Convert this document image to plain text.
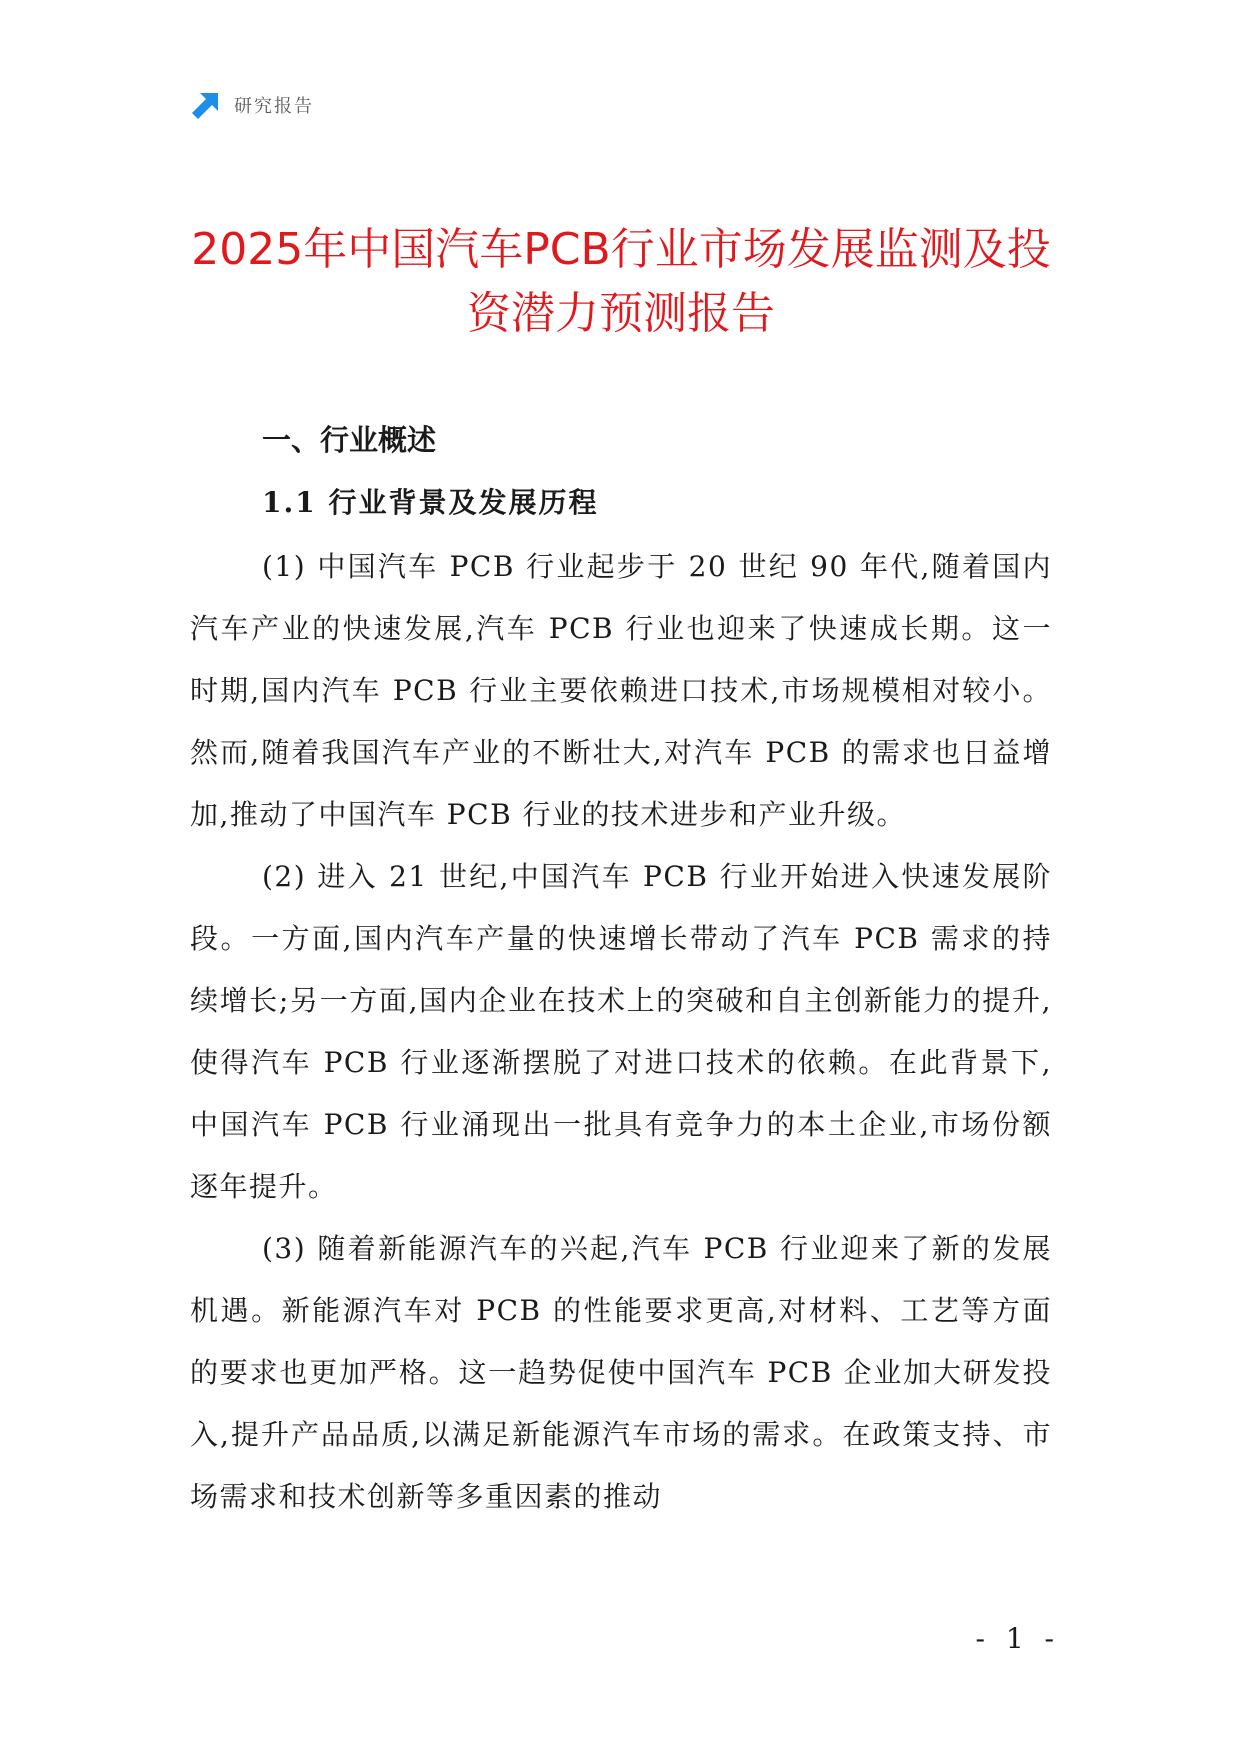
研究报告
2025年中国汽车PCB行业市场发展监测及投资潜力预测报告
一、行业概述
1.1 行业背景及发展历程

(1) 中国汽车 PCB 行业起步于 20 世纪 90 年代,随着国内汽车产业的快速发展,汽车 PCB 行业也迎来了快速成长期。这一时期,国内汽车 PCB 行业主要依赖进口技术,市场规模相对较小。然而,随着我国汽车产业的不断壮大,对汽车 PCB 的需求也日益增加,推动了中国汽车 PCB 行业的技术进步和产业升级。

(2) 进入 21 世纪,中国汽车 PCB 行业开始进入快速发展阶段。一方面,国内汽车产量的快速增长带动了汽车 PCB 需求的持续增长;另一方面,国内企业在技术上的突破和自主创新能力的提升,使得汽车 PCB 行业逐渐摆脱了对进口技术的依赖。在此背景下,中国汽车 PCB 行业涌现出一批具有竞争力的本土企业,市场份额逐年提升。

(3) 随着新能源汽车的兴起,汽车 PCB 行业迎来了新的发展机遇。新能源汽车对 PCB 的性能要求更高,对材料、工艺等方面的要求也更加严格。这一趋势促使中国汽车 PCB 企业加大研发投入,提升产品品质,以满足新能源汽车市场的需求。在政策支持、市场需求和技术创新等多重因素的推动

- 1 -
